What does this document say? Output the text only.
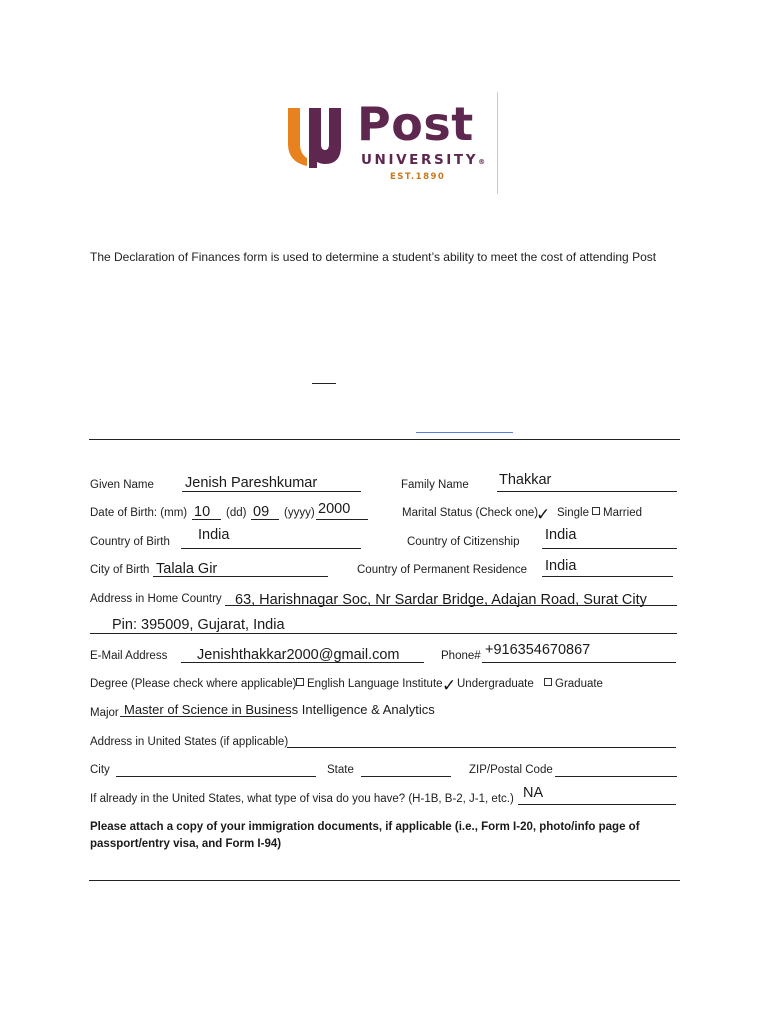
Post
UNIVERSITY®
EST.1890
The Declaration of Finances form is used to determine a student’s ability to meet the cost of attending Post
Given Name Jenish Pareshkumar	Family Name Thakkar
Date of Birth: (mm) 10 (dd) 09 (yyyy) 2000	Marital Status (Check one)
✓ Single	Married
Country of Birth India	Country of Citizenship India
City of Birth Talala Gir	Country of Permanent Residence India
Address in Home Country 63, Harishnagar Soc, Nr Sardar Bridge, Adajan Road, Surat City
Pin: 395009, Gujarat, India
E-Mail Address Jenishthakkar2000@gmail.com	Phone# +916354670867
Degree (Please check where applicable) English Language Institute ✓ Undergraduate	Graduate
Major Master of Science in Business Intelligence & Analytics
Address in United States (if applicable)
City	State	ZIP/Postal Code
If already in the United States, what type of visa do you have? (H-1B, B-2, J-1, etc.) NA
Please attach a copy of your immigration documents, if applicable (i.e., Form I-20, photo/info page of passport/entry visa, and Form I-94)
